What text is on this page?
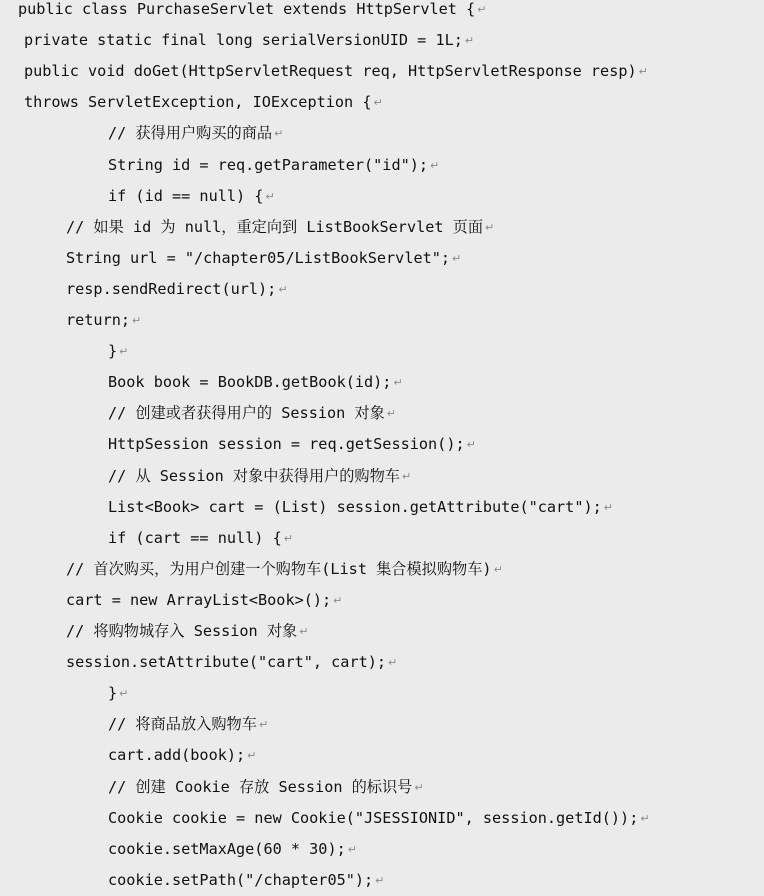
public class PurchaseServlet extends HttpServlet { ↵
private static final long serialVersionUID = 1L; ↵
public void doGet(HttpServletRequest req, HttpServletResponse resp) ↵
throws ServletException, IOException { ↵
// 获得用户购买的商品 ↵
String id = req.getParameter("id"); ↵
if (id == null) { ↵
// 如果 id 为 null，重定向到 ListBookServlet 页面 ↵
String url = "/chapter05/ListBookServlet"; ↵
resp.sendRedirect(url); ↵
return; ↵
} ↵
Book book = BookDB.getBook(id); ↵
// 创建或者获得用户的 Session 对象 ↵
HttpSession session = req.getSession(); ↵
// 从 Session 对象中获得用户的购物车 ↵
List<Book> cart = (List) session.getAttribute("cart"); ↵
if (cart == null) { ↵
// 首次购买，为用户创建一个购物车(List 集合模拟购物车) ↵
cart = new ArrayList<Book>(); ↵
// 将购物城存入 Session 对象 ↵
session.setAttribute("cart", cart); ↵
} ↵
// 将商品放入购物车 ↵
cart.add(book); ↵
// 创建 Cookie 存放 Session 的标识号 ↵
Cookie cookie = new Cookie("JSESSIONID", session.getId()); ↵
cookie.setMaxAge(60 * 30); ↵
cookie.setPath("/chapter05"); ↵
